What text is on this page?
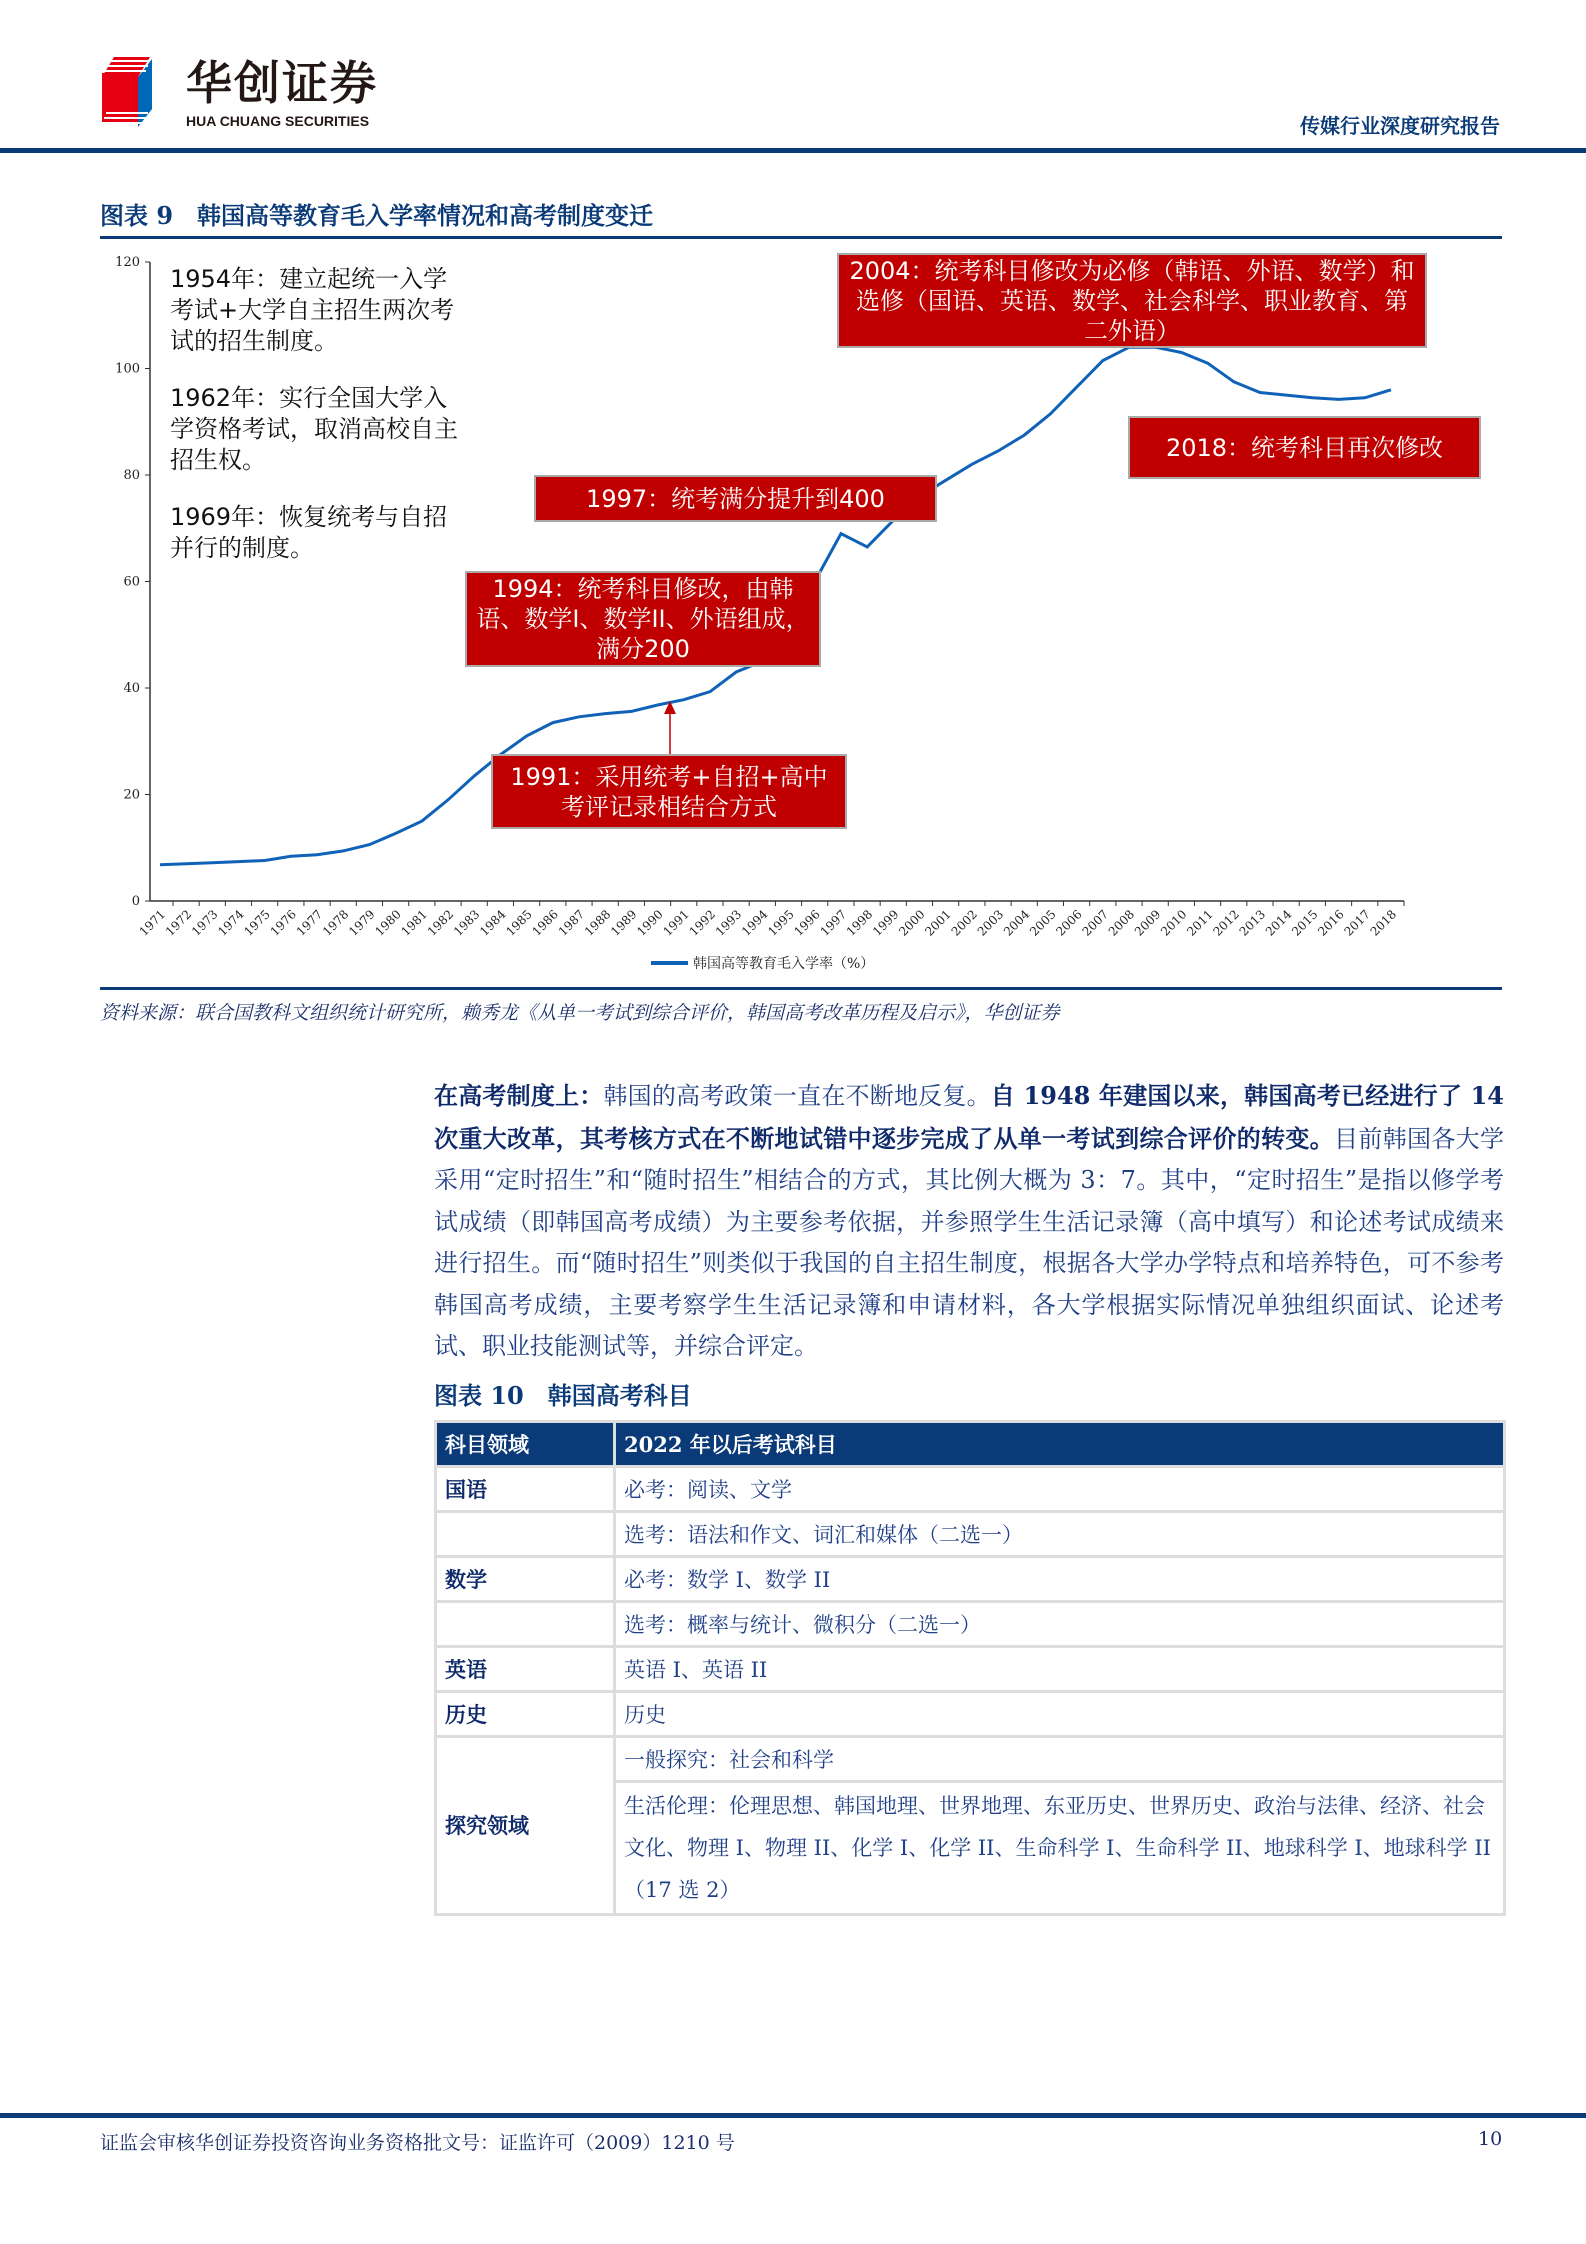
华创证券
HUA CHUANG SECURITIES	传媒行业深度研究报告
图表 9　韩国高等教育毛入学率情况和高考制度变迁
0
20
40
60
80
100
120
1971
1972
1973
1974
1975
1976
1977
1978
1979
1980
1981
1982
1983
1984
1985
1986
1987
1988
1989
1990
1991
1992
1993
1994
1995
1996
1997
1998
1999
2000
2001
2002
2003
2004
2005
2006
2007
2008
2009
2010
2011
2012
2013
2014
2015
2016
2017
2018
韩国高等教育毛入学率（%）
1954年：建立起统一入学考试+大学自主招生两次考试的招生制度。
1962年：实行全国大学入学资格考试，取消高校自主招生权。
1969年：恢复统考与自招并行的制度。
2004：统考科目修改为必修（韩语、外语、数学）和选修（国语、英语、数学、社会科学、职业教育、第二外语）
2018：统考科目再次修改
1997：统考满分提升到400
1994：统考科目修改，由韩语、数学I、数学II、外语组成，满分200
1991：采用统考+自招+高中考评记录相结合方式
资料来源：联合国教科文组织统计研究所，赖秀龙《从单一考试到综合评价，韩国高考改革历程及启示》，华创证券
在高考制度上：韩国的高考政策一直在不断地反复。自 1948 年建国以来，韩国高考已经进行了 14 次重大改革，其考核方式在不断地试错中逐步完成了从单一考试到综合评价的转变。目前韩国各大学采用“定时招生”和“随时招生”相结合的方式，其比例大概为 3：7。其中，“定时招生”是指以修学考试成绩（即韩国高考成绩）为主要参考依据，并参照学生生活记录簿（高中填写）和论述考试成绩来进行招生。而“随时招生”则类似于我国的自主招生制度，根据各大学办学特点和培养特色，可不参考韩国高考成绩，主要考察学生生活记录簿和申请材料，各大学根据实际情况单独组织面试、论述考试、职业技能测试等，并综合评定。
图表 10　韩国高考科目
科目领域	2022 年以后考试科目
国语	必考：阅读、文学
	选考：语法和作文、词汇和媒体（二选一）
数学	必考：数学 I、数学 II
	选考：概率与统计、微积分（二选一）
英语	英语 I、英语 II
历史	历史
探究领域	一般探究：社会和科学
	生活伦理：伦理思想、韩国地理、世界地理、东亚历史、世界历史、政治与法律、经济、社会文化、物理 I、物理 II、化学 I、化学 II、生命科学 I、生命科学 II、地球科学 I、地球科学 II（17 选 2）
证监会审核华创证券投资咨询业务资格批文号：证监许可（2009）1210 号	10
